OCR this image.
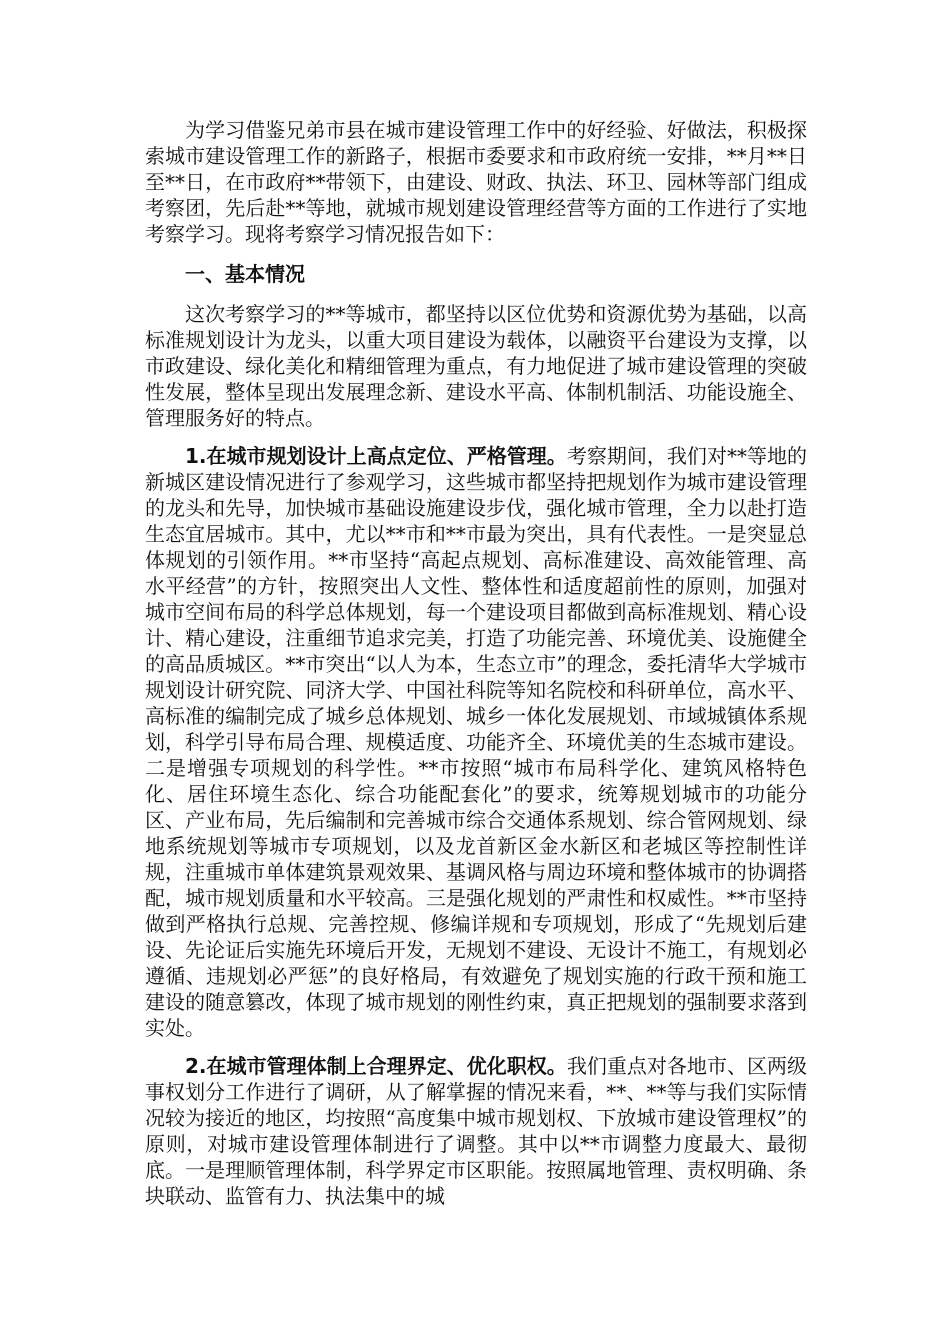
为学习借鉴兄弟市县在城市建设管理工作中的好经验、好做法，积极探索城市建设管理工作的新路子，根据市委要求和市政府统一安排，**月**日至**日，在市政府**带领下，由建设、财政、执法、环卫、园林等部门组成考察团，先后赴**等地，就城市规划建设管理经营等方面的工作进行了实地考察学习。现将考察学习情况报告如下：

一、基本情况

这次考察学习的**等城市，都坚持以区位优势和资源优势为基础，以高标准规划设计为龙头，以重大项目建设为载体，以融资平台建设为支撑，以市政建设、绿化美化和精细管理为重点，有力地促进了城市建设管理的突破性发展，整体呈现出发展理念新、建设水平高、体制机制活、功能设施全、管理服务好的特点。

1.在城市规划设计上高点定位、严格管理。考察期间，我们对**等地的新城区建设情况进行了参观学习，这些城市都坚持把规划作为城市建设管理的龙头和先导，加快城市基础设施建设步伐，强化城市管理，全力以赴打造生态宜居城市。其中，尤以**市和**市最为突出，具有代表性。一是突显总体规划的引领作用。**市坚持“高起点规划、高标准建设、高效能管理、高水平经营”的方针，按照突出人文性、整体性和适度超前性的原则，加强对城市空间布局的科学总体规划，每一个建设项目都做到高标准规划、精心设计、精心建设，注重细节追求完美，打造了功能完善、环境优美、设施健全的高品质城区。**市突出“以人为本，生态立市”的理念，委托清华大学城市规划设计研究院、同济大学、中国社科院等知名院校和科研单位，高水平、高标准的编制完成了城乡总体规划、城乡一体化发展规划、市域城镇体系规划，科学引导布局合理、规模适度、功能齐全、环境优美的生态城市建设。二是增强专项规划的科学性。**市按照“城市布局科学化、建筑风格特色化、居住环境生态化、综合功能配套化”的要求，统筹规划城市的功能分区、产业布局，先后编制和完善城市综合交通体系规划、综合管网规划、绿地系统规划等城市专项规划，以及龙首新区金水新区和老城区等控制性详规，注重城市单体建筑景观效果、基调风格与周边环境和整体城市的协调搭配，城市规划质量和水平较高。三是强化规划的严肃性和权威性。**市坚持做到严格执行总规、完善控规、修编详规和专项规划，形成了“先规划后建设、先论证后实施先环境后开发，无规划不建设、无设计不施工，有规划必遵循、违规划必严惩”的良好格局，有效避免了规划实施的行政干预和施工建设的随意篡改，体现了城市规划的刚性约束，真正把规划的强制要求落到实处。

2.在城市管理体制上合理界定、优化职权。我们重点对各地市、区两级事权划分工作进行了调研，从了解掌握的情况来看，**、**等与我们实际情况较为接近的地区，均按照“高度集中城市规划权、下放城市建设管理权”的原则，对城市建设管理体制进行了调整。其中以**市调整力度最大、最彻底。一是理顺管理体制，科学界定市区职能。按照属地管理、责权明确、条块联动、监管有力、执法集中的城
